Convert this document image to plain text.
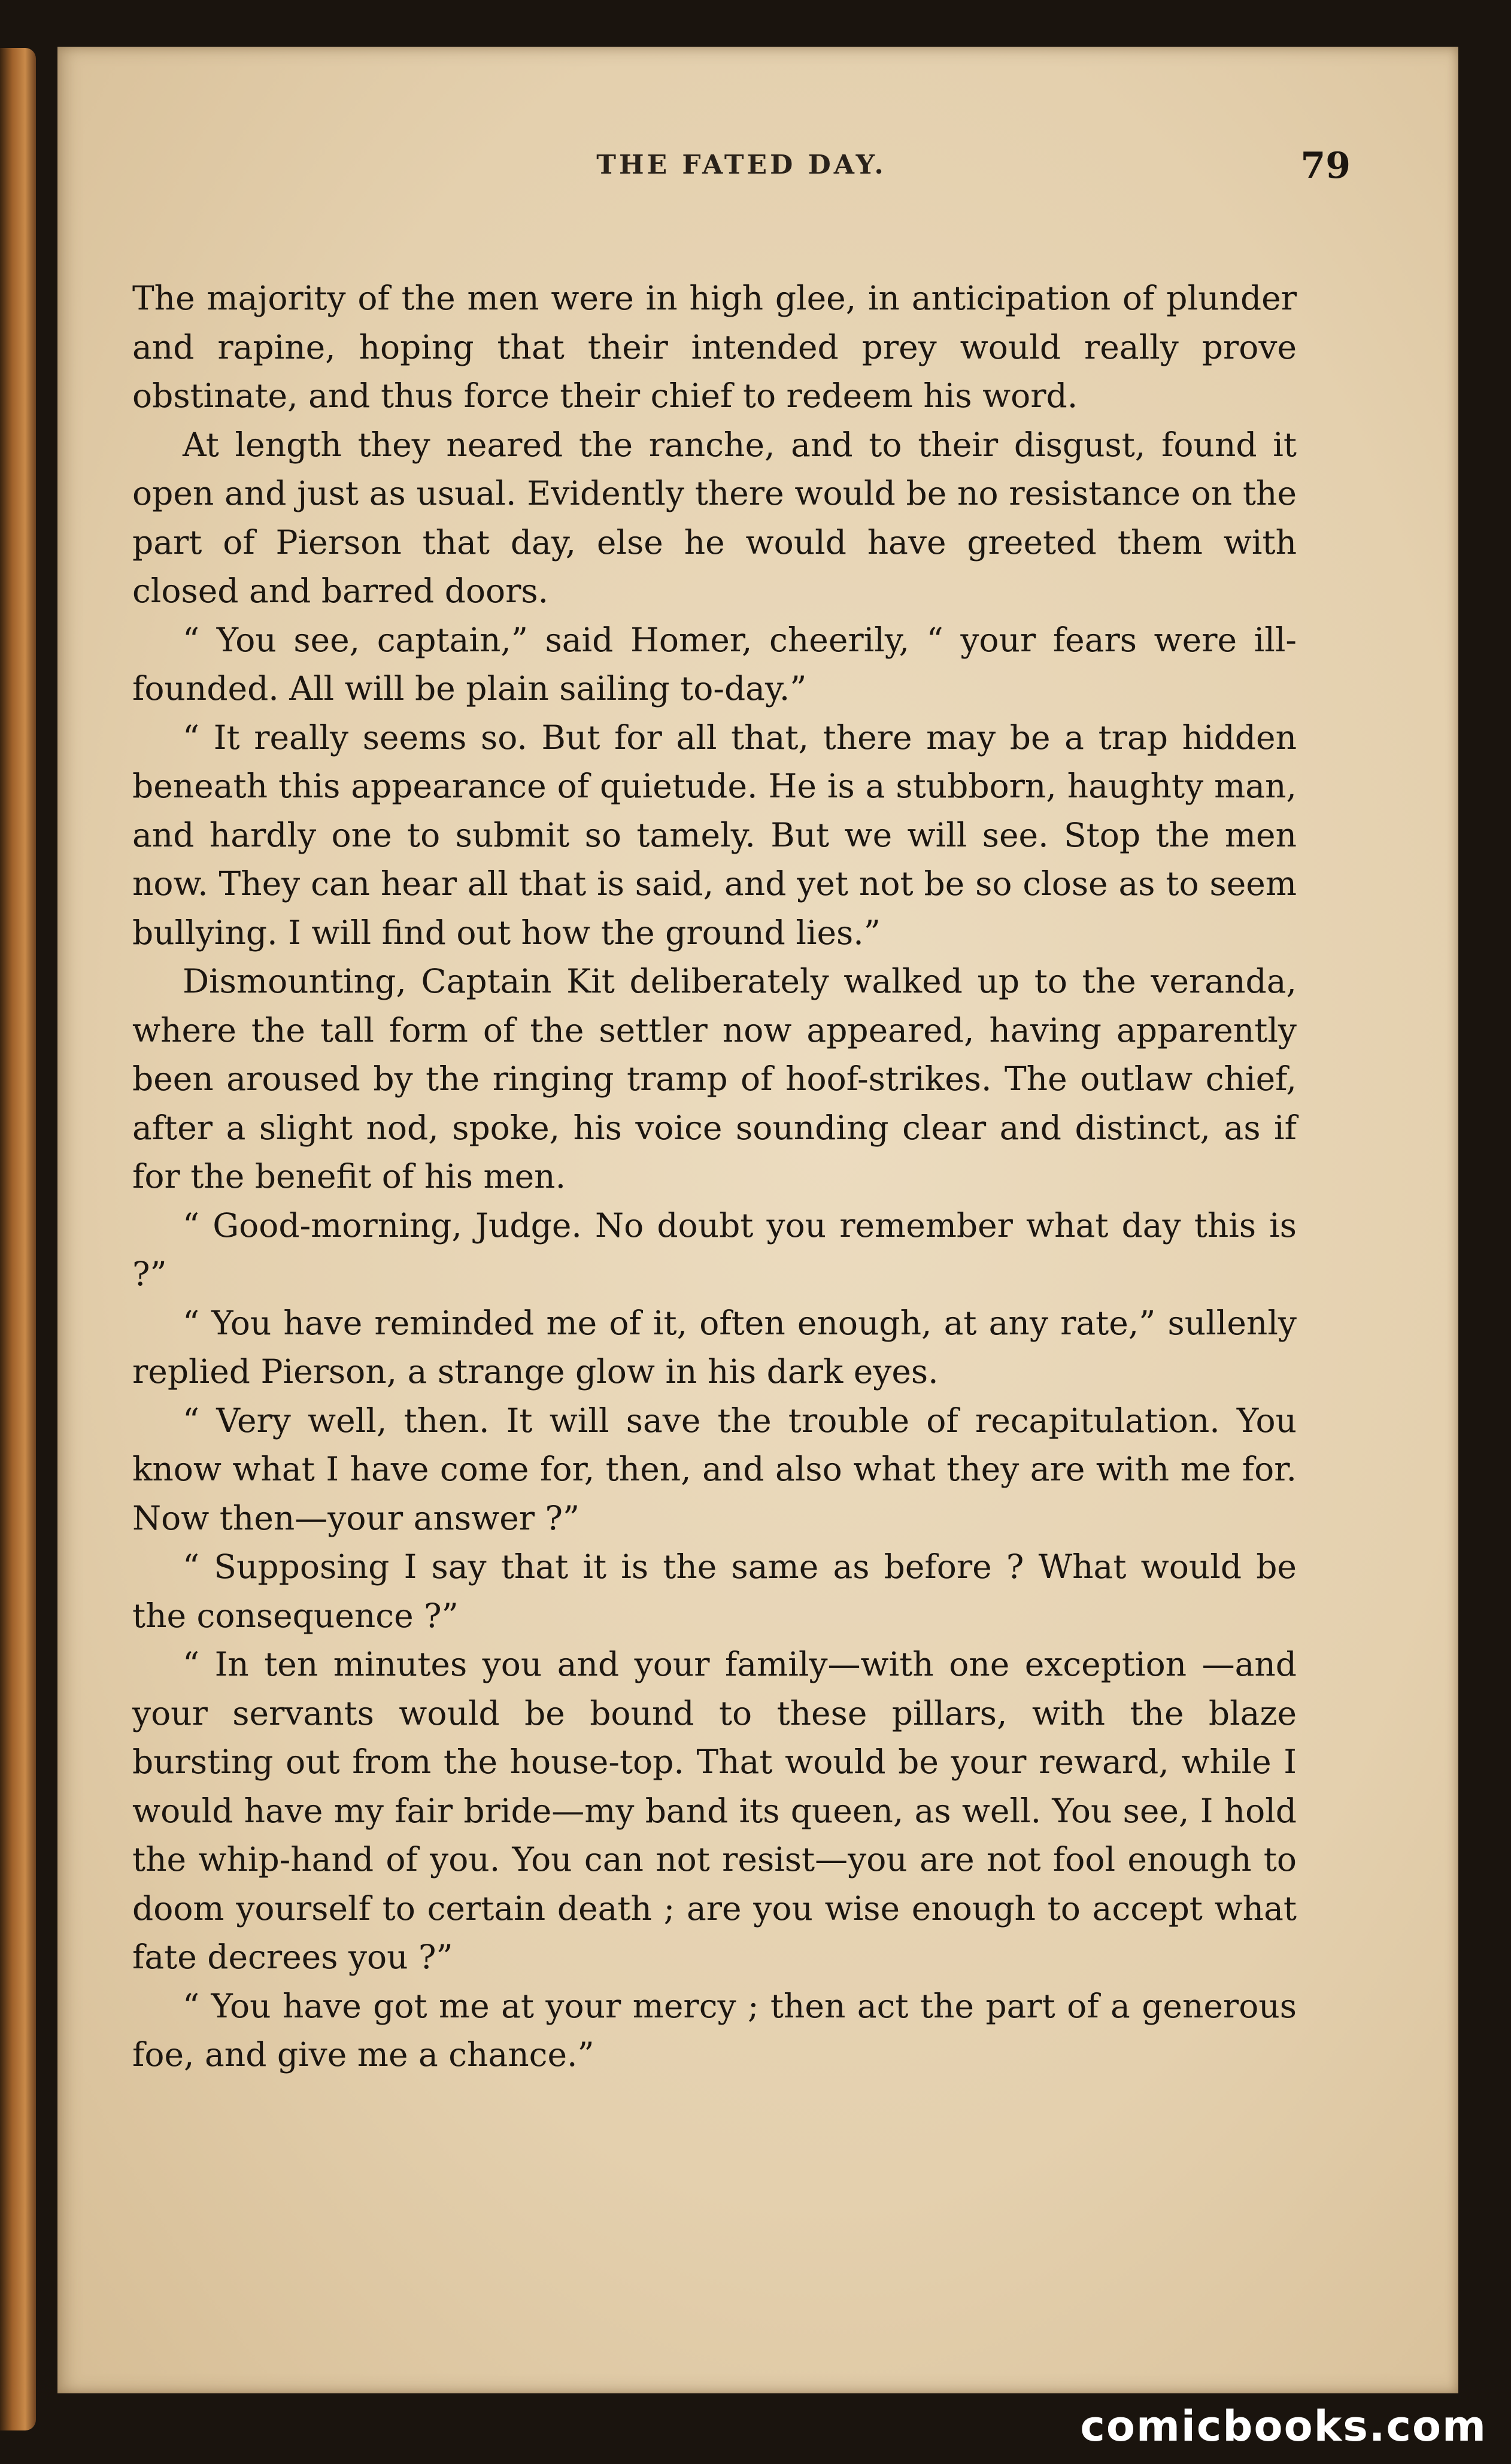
THE FATED DAY.	79

The majority of the men were in high glee, in anticipation of plunder and rapine, hoping that their intended prey would really prove obstinate, and thus force their chief to redeem his word.

At length they neared the ranche, and to their disgust, found it open and just as usual. Evidently there would be no resistance on the part of Pierson that day, else he would have greeted them with closed and barred doors.

“ You see, captain,” said Homer, cheerily, “ your fears were ill-founded. All will be plain sailing to-day.”

“ It really seems so. But for all that, there may be a trap hidden beneath this appearance of quietude. He is a stubborn, haughty man, and hardly one to submit so tamely. But we will see. Stop the men now. They can hear all that is said, and yet not be so close as to seem bullying. I will find out how the ground lies.”

Dismounting, Captain Kit deliberately walked up to the veranda, where the tall form of the settler now appeared, having apparently been aroused by the ringing tramp of hoof-strikes. The outlaw chief, after a slight nod, spoke, his voice sounding clear and distinct, as if for the benefit of his men.

“ Good-morning, Judge. No doubt you remember what day this is ?”

“ You have reminded me of it, often enough, at any rate,” sullenly replied Pierson, a strange glow in his dark eyes.

“ Very well, then. It will save the trouble of recapitulation. You know what I have come for, then, and also what they are with me for. Now then—your answer ?”

“ Supposing I say that it is the same as before ? What would be the consequence ?”

“ In ten minutes you and your family—with one exception —and your servants would be bound to these pillars, with the blaze bursting out from the house-top. That would be your reward, while I would have my fair bride—my band its queen, as well. You see, I hold the whip-hand of you. You can not resist—you are not fool enough to doom yourself to certain death ; are you wise enough to accept what fate decrees you ?”

“ You have got me at your mercy ; then act the part of a generous foe, and give me a chance.”

comicbooks.com
